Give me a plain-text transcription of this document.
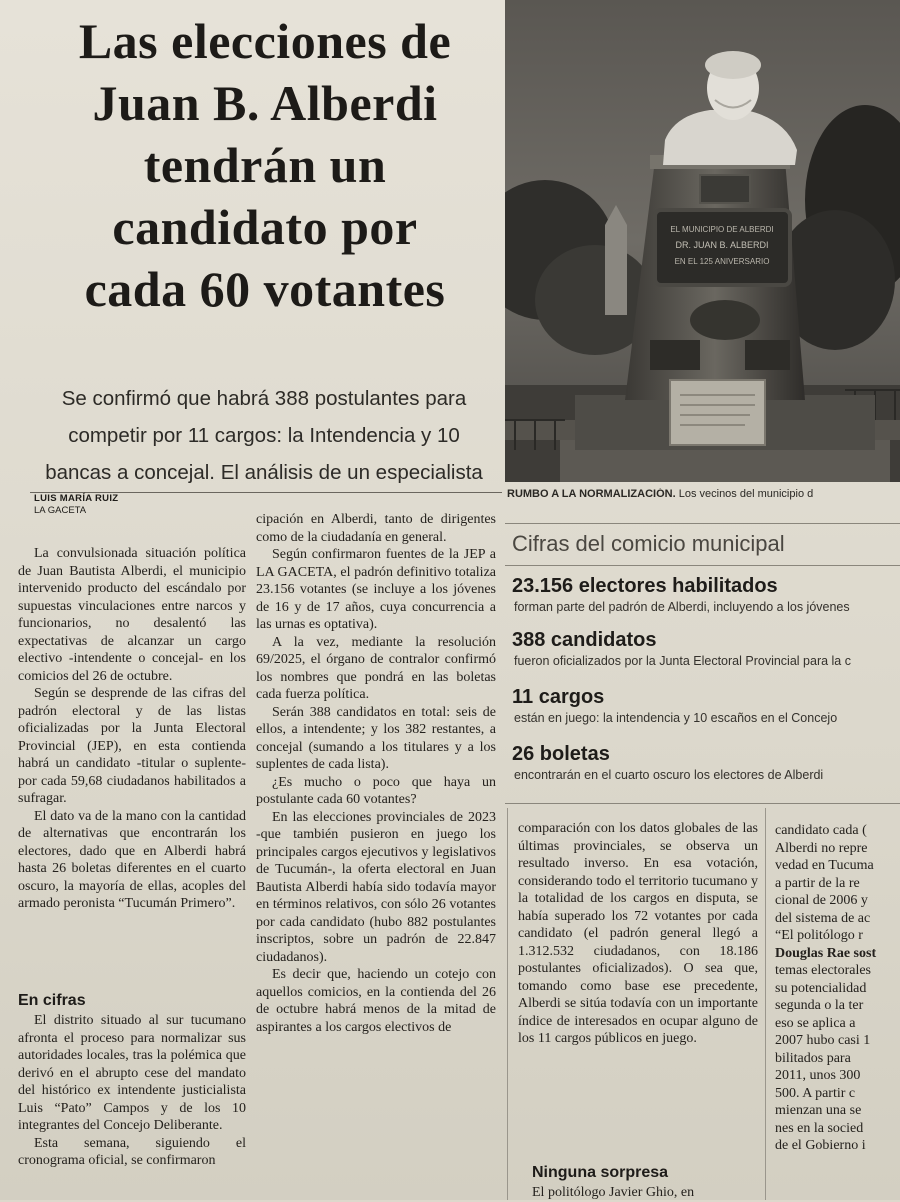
Las elecciones de
Juan B. Alberdi
tendrán un
candidato por
cada 60 votantes
Se confirmó que habrá 388 postulantes para
competir por 11 cargos: la Intendencia y 10
bancas a concejal. El análisis de un especialista
LUIS MARÍA RUIZ
LA GACETA
EL MUNICIPIO DE ALBERDI
DR. JUAN B. ALBERDI
EN EL 125 ANIVERSARIO
RUMBO A LA NORMALIZACIÓN. Los vecinos del municipio d
La convulsionada situación política de Juan Bautista Alberdi, el municipio intervenido producto del escándalo por supuestas vinculaciones entre narcos y funcionarios, no desalentó las expectativas de alcanzar un cargo electivo -intendente o concejal- en los comicios del 26 de octubre.
Según se desprende de las cifras del padrón electoral y de las listas oficializadas por la Junta Electoral Provincial (JEP), en esta contienda habrá un candidato -titular o suplente- por cada 59,68 ciudadanos habilitados a sufragar.
El dato va de la mano con la cantidad de alternativas que encontrarán los electores, dado que en Alberdi habrá hasta 26 boletas diferentes en el cuarto oscuro, la mayoría de ellas, acoples del armado peronista “Tucumán Primero”.
En cifras
El distrito situado al sur tucumano afronta el proceso para normalizar sus autoridades locales, tras la polémica que derivó en el abrupto cese del mandato del histórico ex intendente justicialista Luis “Pato” Campos y de los 10 integrantes del Concejo Deliberante.
Esta semana, siguiendo el cronograma oficial, se confirmaron
cipación en Alberdi, tanto de dirigentes como de la ciudadanía en general.
Según confirmaron fuentes de la JEP a LA GACETA, el padrón definitivo totaliza 23.156 votantes (se incluye a los jóvenes de 16 y de 17 años, cuya concurrencia a las urnas es optativa).
A la vez, mediante la resolución 69/2025, el órgano de contralor confirmó los nombres que pondrá en las boletas cada fuerza política.
Serán 388 candidatos en total: seis de ellos, a intendente; y los 382 restantes, a concejal (sumando a los titulares y a los suplentes de cada lista).
¿Es mucho o poco que haya un postulante cada 60 votantes?
En las elecciones provinciales de 2023 -que también pusieron en juego los principales cargos ejecutivos y legislativos de Tucumán-, la oferta electoral en Juan Bautista Alberdi había sido todavía mayor en términos relativos, con sólo 26 votantes por cada candidato (hubo 882 postulantes inscriptos, sobre un padrón de 22.847 ciudadanos).
Es decir que, haciendo un cotejo con aquellos comicios, en la contienda del 26 de octubre habrá menos de la mitad de aspirantes a los cargos electivos de
Cifras del comicio municipal
23.156 electores habilitados
forman parte del padrón de Alberdi, incluyendo a los jóvenes
388 candidatos
fueron oficializados por la Junta Electoral Provincial para la c
11 cargos
están en juego: la intendencia y 10 escaños en el Concejo
26 boletas
encontrarán en el cuarto oscuro los electores de Alberdi
comparación con los datos globales de las últimas provinciales, se observa un resultado inverso. En esa votación, considerando todo el territorio tucumano y la totalidad de los cargos en disputa, se había superado los 72 votantes por cada candidato (el padrón general llegó a 1.312.532 ciudadanos, con 18.186 postulantes oficializados). O sea que, tomando como base ese precedente, Alberdi se sitúa todavía con un importante índice de interesados en ocupar alguno de los 11 cargos públicos en juego.
Ninguna sorpresa
El politólogo Javier Ghio, en
candidato cada (
Alberdi no repre
vedad en Tucuma
a partir de la re
cional de 2006 y
del sistema de ac
“El politólogo r
Douglas Rae sost
temas electorales
su potencialidad
segunda o la ter
eso se aplica a
2007 hubo casi 1
bilitados para
2011, unos 300
500. A partir c
mienzan una se
nes en la socied
de el Gobierno i
